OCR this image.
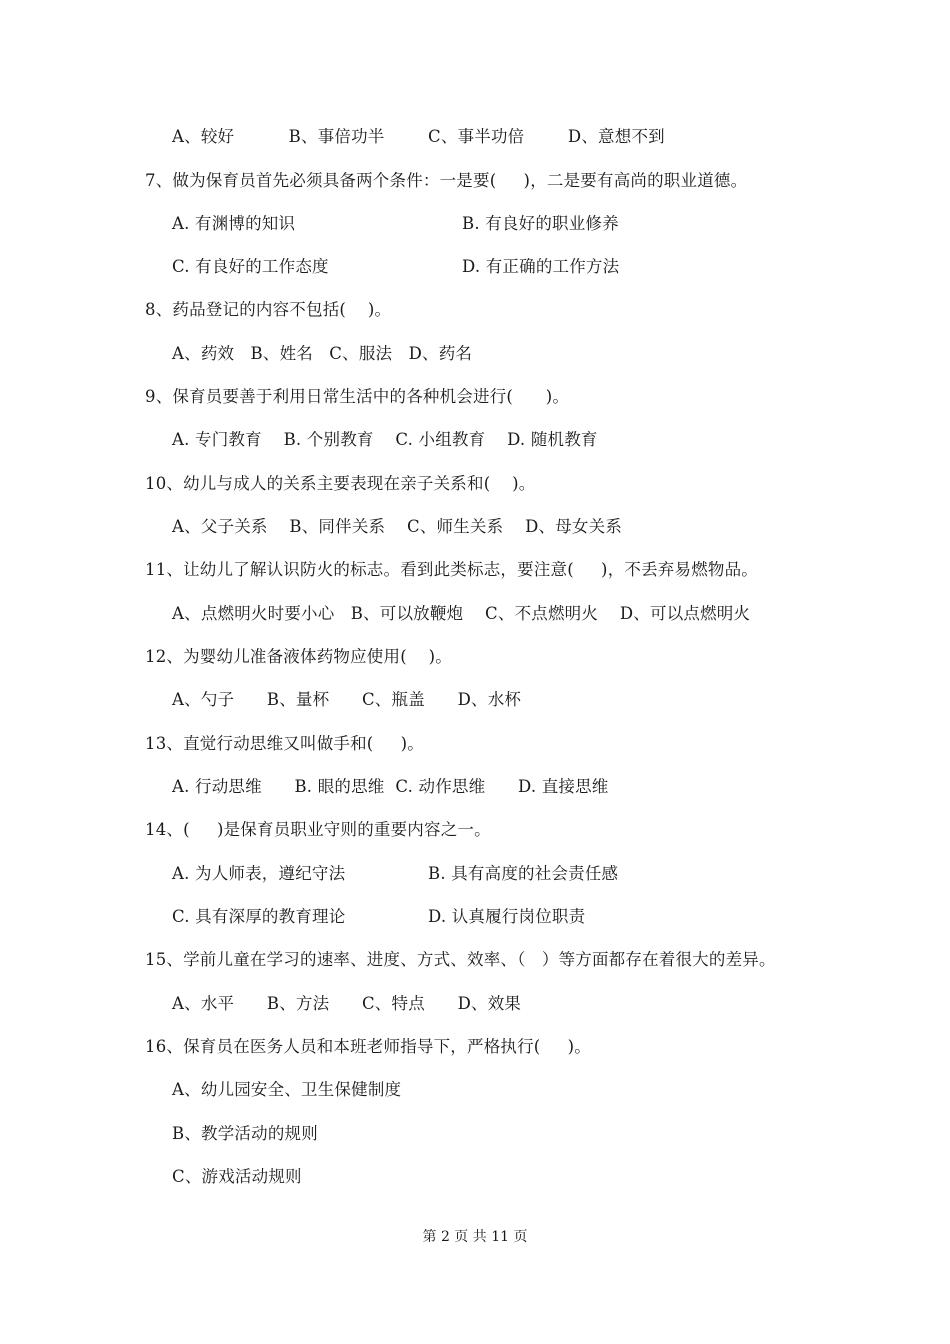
A、较好          B、事倍功半        C、事半功倍        D、意想不到
7、做为保育员首先必须具备两个条件：一是要(     )，二是要有高尚的职业道德。
A. 有渊博的知识	B. 有良好的职业修养
C. 有良好的工作态度	D. 有正确的工作方法
8、药品登记的内容不包括(    )。
A、药效   B、姓名   C、服法   D、药名
9、保育员要善于利用日常生活中的各种机会进行(      )。
A. 专门教育    B. 个别教育    C. 小组教育    D. 随机教育
10、幼儿与成人的关系主要表现在亲子关系和(    )。
A、父子关系    B、同伴关系    C、师生关系    D、母女关系
11、让幼儿了解认识防火的标志。看到此类标志，要注意(     )，不丢弃易燃物品。
A、点燃明火时要小心   B、可以放鞭炮    C、不点燃明火    D、可以点燃明火
12、为婴幼儿准备液体药物应使用(    )。
A、勺子      B、量杯      C、瓶盖      D、水杯
13、直觉行动思维又叫做手和(     )。
A. 行动思维      B. 眼的思维  C. 动作思维      D. 直接思维
14、(     )是保育员职业守则的重要内容之一。
A. 为人师表，遵纪守法	B. 具有高度的社会责任感
C. 具有深厚的教育理论	D. 认真履行岗位职责
15、学前儿童在学习的速率、进度、方式、效率、（   ）等方面都存在着很大的差异。
A、水平      B、方法      C、特点      D、效果
16、保育员在医务人员和本班老师指导下，严格执行(     )。
A、幼儿园安全、卫生保健制度
B、教学活动的规则
C、游戏活动规则
第 2 页 共 11 页
